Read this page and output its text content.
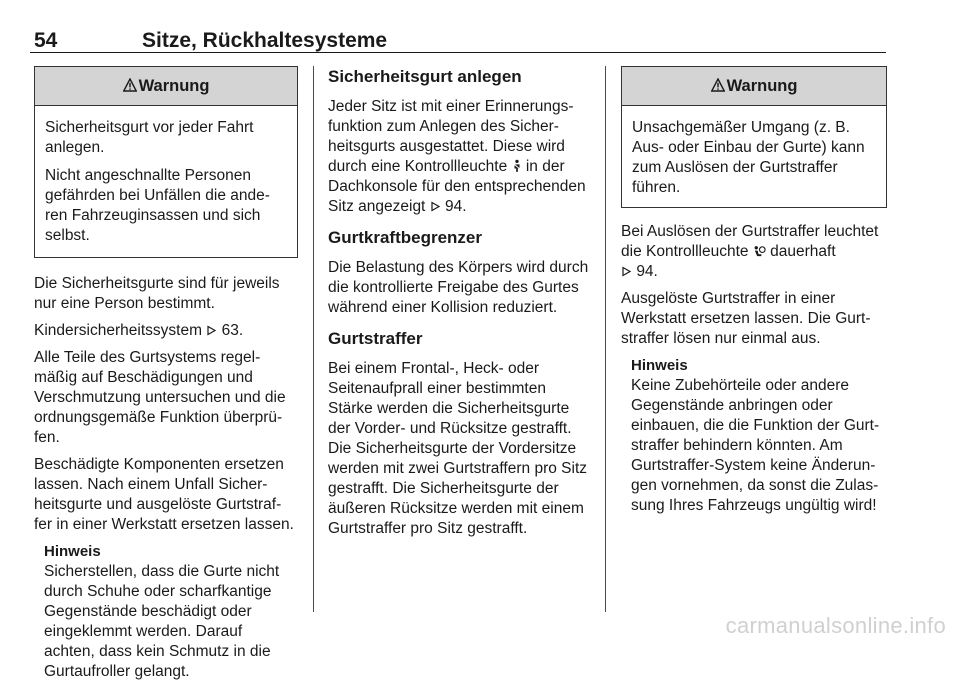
54	Sitze, Rückhaltesysteme
Warnung

Sicherheitsgurt vor jeder Fahrt anlegen.

Nicht angeschnallte Personen
gefährden bei Unfällen die ande-
ren Fahrzeuginsassen und sich
selbst.

Die Sicherheitsgurte sind für jeweils
nur eine Person bestimmt.

Kindersicherheitssystem 63.

Alle Teile des Gurtsystems regel-
mäßig auf Beschädigungen und
Verschmutzung untersuchen und die
ordnungsgemäße Funktion überprü-
fen.

Beschädigte Komponenten ersetzen
lassen. Nach einem Unfall Sicher-
heitsgurte und ausgelöste Gurtstraf-
fer in einer Werkstatt ersetzen lassen.

Hinweis
Sicherstellen, dass die Gurte nicht
durch Schuhe oder scharfkantige
Gegenstände beschädigt oder
eingeklemmt werden. Darauf
achten, dass kein Schmutz in die
Gurtaufroller gelangt.
Sicherheitsgurt anlegen

Jeder Sitz ist mit einer Erinnerungs-
funktion zum Anlegen des Sicher-
heitsgurts ausgestattet. Diese wird
durch eine Kontrollleuchte in der
Dachkonsole für den entsprechenden
Sitz angezeigt 94.

Gurtkraftbegrenzer

Die Belastung des Körpers wird durch
die kontrollierte Freigabe des Gurtes
während einer Kollision reduziert.

Gurtstraffer

Bei einem Frontal-, Heck- oder
Seitenaufprall einer bestimmten
Stärke werden die Sicherheitsgurte
der Vorder- und Rücksitze gestrafft.
Die Sicherheitsgurte der Vordersitze
werden mit zwei Gurtstraffern pro Sitz
gestrafft. Die Sicherheitsgurte der
äußeren Rücksitze werden mit einem
Gurtstraffer pro Sitz gestrafft.

Warnung
Unsachgemäßer Umgang (z. B.
Aus- oder Einbau der Gurte) kann
zum Auslösen der Gurtstraffer
führen.

Bei Auslösen der Gurtstraffer leuchtet
die Kontrollleuchte dauerhaft
94.

Ausgelöste Gurtstraffer in einer
Werkstatt ersetzen lassen. Die Gurt-
straffer lösen nur einmal aus.

Hinweis
Keine Zubehörteile oder andere
Gegenstände anbringen oder
einbauen, die die Funktion der Gurt-
straffer behindern könnten. Am
Gurtstraffer-System keine Änderun-
gen vornehmen, da sonst die Zulas-
sung Ihres Fahrzeugs ungültig wird!
carmanualsonline.info
